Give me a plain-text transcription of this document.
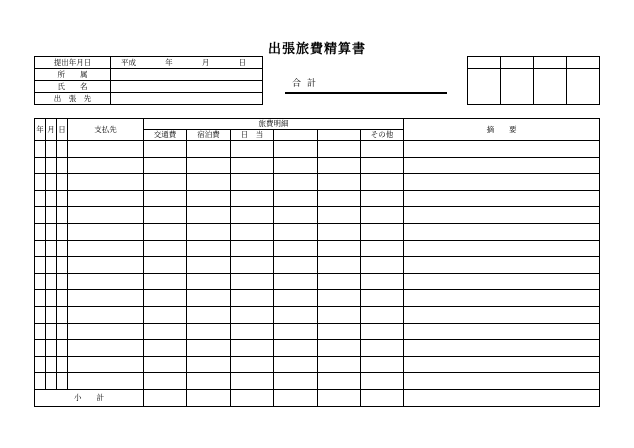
出張旅費精算書
提出年月日	平成 年 月 日

所　　属	
氏　　名	
出　張　先	
合計

年	月	日	支払先	旅費明細						摘　　要
				交通費	宿泊費	日　当			その他	

小　　計										
